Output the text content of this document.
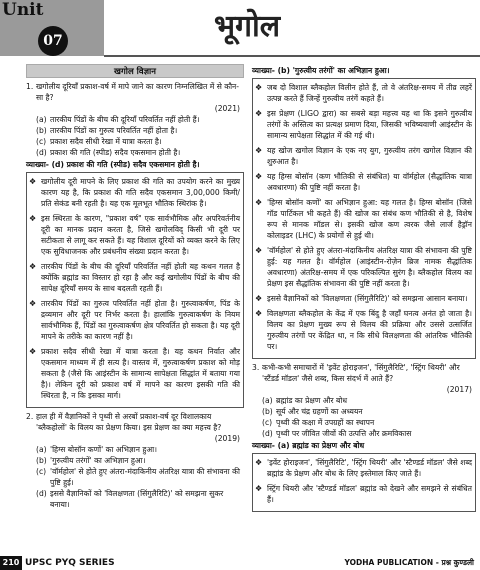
Unit
07	भूगोल
खगोल विज्ञान
1. खगोलीय दूरियाँ प्रकाश-वर्ष में मापे जाने का कारण निम्नलिखित में से कौन-सा है?
(2021)
(a) तारकीय पिंडों के बीच की दूरियाँ परिवर्तित नहीं होती हैं।
(b) तारकीय पिंडों का गुरुत्व परिवर्तित नहीं होता है।
(c) प्रकाश सदैव सीधी रेखा में यात्रा करता है।
(d) प्रकाश की गति (स्पीड) सदैव एकसमान होती है।
व्याख्या- (d) प्रकाश की गति (स्पीड) सदैव एकसमान होती है।
❖ खगोलीय दूरी मापने के लिए प्रकाश की गति का उपयोग करने का मुख्य कारण यह है, कि प्रकाश की गति सदैव एकसमान 3,00,000 किमी/प्रति सेकंड बनी रहती है। यह एक मूलभूत भौतिक स्थिरांक है।
❖ इस स्थिरता के कारण, "प्रकाश वर्ष" एक सार्वभौमिक और अपरिवर्तनीय दूरी का मानक प्रदान करता है, जिसे खगोलविद् किसी भी दूरी पर सटीकता से लागू कर सकते हैं। यह विशाल दूरियों को व्यक्त करने के लिए एक सुविधाजनक और प्रबंधनीय संख्या प्रदान करता है।
❖ तारकीय पिंडों के बीच की दूरियाँ परिवर्तित नहीं होती यह कथन गलत है क्योंकि ब्रह्मांड का विस्तार हो रहा है और कई खगोलीय पिंडों के बीच की सापेक्ष दूरियाँ समय के साथ बदलती रहती हैं।
❖ तारकीय पिंडों का गुरुत्व परिवर्तित नहीं होता है। गुरुत्वाकर्षण, पिंड के द्रव्यमान और दूरी पर निर्भर करता है। हालांकि गुरुत्वाकर्षण के नियम सार्वभौमिक हैं, पिंडों का गुरुत्वाकर्षण क्षेत्र परिवर्तित हो सकता है। यह दूरी मापने के तरीके का कारण नहीं है।
❖ प्रकाश सदैव सीधी रेखा में यात्रा करता है। यह कथन निर्वात और एकसमान माध्यम में ही सत्य है। वास्तव में, गुरुत्वाकर्षण प्रकाश को मोड़ सकता है (जैसे कि आइंस्टीन के सामान्य सापेक्षता सिद्धांत में बताया गया है)। लेकिन दूरी को प्रकाश वर्ष में मापने का कारण इसकी गति की स्थिरता है, न कि इसका मार्ग।
2. हाल ही में वैज्ञानिकों ने पृथ्वी से अरबों प्रकाश-वर्ष दूर विशालकाय 'ब्लैकहोलों' के विलय का प्रेक्षण किया। इस प्रेक्षण का क्या महत्त्व है?
(2019)
(a) 'हिग्स बोसॉन कणों' का अभिज्ञान हुआ।
(b) 'गुरुत्वीय तरंगों' का अभिज्ञान हुआ।
(c) 'वॉर्महोल' से होते हुए अंतरा-मंदाकिनीय अंतरिक्ष यात्रा की संभावना की पुष्टि हुई।
(d) इससे वैज्ञानिकों को 'विलक्षणता (सिंगुलैरिटि)' को समझना सुकर बनाया।
व्याख्या- (b) 'गुरुत्वीय तरंगों' का अभिज्ञान हुआ।
❖ जब दो विशाल ब्लैकहोल विलीन होते हैं, तो वे अंतरिक्ष-समय में तीव्र लहरें उत्पन्न करते हैं जिन्हें गुरुत्वीय तरंगें कहते हैं।
❖ इस प्रेक्षण (LIGO द्वारा) का सबसे बड़ा महत्त्व यह था कि इसने गुरुत्वीय तरंगों के अस्तित्व का प्रत्यक्ष प्रमाण दिया, जिसकी भविष्यवाणी आइंस्टीन के सामान्य सापेक्षता सिद्धांत में की गई थी।
❖ यह खोज खगोल विज्ञान के एक नए युग, गुरुत्वीय तरंग खगोल विज्ञान की शुरुआत है।
❖ यह हिग्स बोसॉन (कण भौतिकी से संबंधित) या वॉर्महोल (सैद्धांतिक यात्रा अवधारणा) की पुष्टि नहीं करता है।
❖ 'हिग्स बोसॉन कणों' का अभिज्ञान हुआ: यह गलत है। हिग्स बोसॉन (जिसे गॉड पार्टिकल भी कहते हैं) की खोज का संबंध कण भौतिकी से है, विशेष रूप से मानक मॉडल से। इसकी खोज कण त्वरक जैसे लार्ज हैड्रॉन कोलाइडर (LHC) के प्रयोगों से हुई थी।
❖ 'वॉर्महोल' से होते हुए अंतरा-मंदाकिनीय अंतरिक्ष यात्रा की संभावना की पुष्टि हुई: यह गलत है। वॉर्महोल (आइंस्टीन-रोज़ेन ब्रिज नामक सैद्धांतिक अवधारणा) अंतरिक्ष-समय में एक परिकल्पित सुरंग है। ब्लैकहोल विलय का प्रेक्षण इस सैद्धांतिक संभावना की पुष्टि नहीं करता है।
❖ इससे वैज्ञानिकों को 'विलक्षणता (सिंगुलैरिटि)' को समझना आसान बनाया।
❖ विलक्षणता ब्लैकहोल के केंद्र में एक बिंदु है जहाँ घनत्व अनंत हो जाता है। विलय का प्रेक्षण मुख्य रूप से विलय की प्रक्रिया और उससे उत्सर्जित गुरुत्वीय तरंगों पर केंद्रित था, न कि सीधे विलक्षणता की आंतरिक भौतिकी पर।
3. कभी-कभी समाचारों में 'इवेंट होराइजन', 'सिंगुलैरिटि', 'स्ट्रिंग थियरी' और 'स्टैंडर्ड मॉडल' जैसे शब्द, किस संदर्भ में आते हैं?
(2017)
(a) ब्रह्मांड का प्रेक्षण और बोध
(b) सूर्य और चंद्र ग्रहणों का अध्ययन
(c) पृथ्वी की कक्षा में उपग्रहों का स्थापन
(d) पृथ्वी पर जीवित जीवों की उत्पत्ति और क्रमविकास
व्याख्या- (a) ब्रह्मांड का प्रेक्षण और बोध
❖ 'इवेंट होराइजन', 'सिंगुलैरिटि', 'स्ट्रिंग थियरी' और 'स्टैण्डर्ड मॉडल' जैसे शब्द ब्रह्मांड के प्रेक्षण और बोध के लिए इस्तेमाल किए जाते हैं।
❖ स्ट्रिंग थियरी और 'स्टैण्डर्ड मॉडल' ब्रह्मांड को देखने और समझने से संबंधित हैं।
210 UPSC PYQ SERIES	YODHA PUBLICATION - प्रश्न कुण्डली
